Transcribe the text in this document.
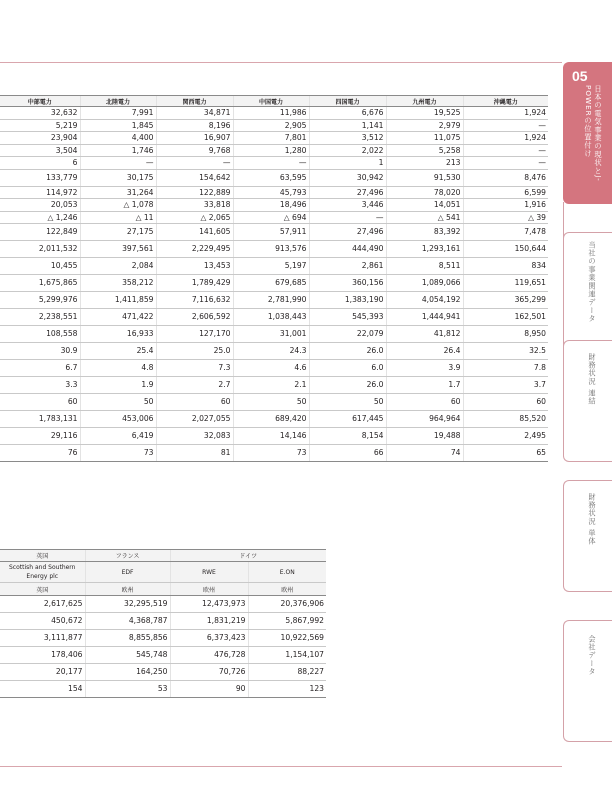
中部電力	北陸電力	関西電力	中国電力	四国電力	九州電力	沖縄電力
32,632	7,991	34,871	11,986	6,676	19,525	1,924
5,219	1,845	8,196	2,905	1,141	2,979	—
23,904	4,400	16,907	7,801	3,512	11,075	1,924
3,504	1,746	9,768	1,280	2,022	5,258	—
6	—	—	—	1	213	—
133,779	30,175	154,642	63,595	30,942	91,530	8,476
114,972	31,264	122,889	45,793	27,496	78,020	6,599
20,053	△ 1,078	33,818	18,496	3,446	14,051	1,916
△ 1,246	△ 11	△ 2,065	△ 694	—	△ 541	△ 39
122,849	27,175	141,605	57,911	27,496	83,392	7,478
2,011,532	397,561	2,229,495	913,576	444,490	1,293,161	150,644
10,455	2,084	13,453	5,197	2,861	8,511	834
1,675,865	358,212	1,789,429	679,685	360,156	1,089,066	119,651
5,299,976	1,411,859	7,116,632	2,781,990	1,383,190	4,054,192	365,299
2,238,551	471,422	2,606,592	1,038,443	545,393	1,444,941	162,501
108,558	16,933	127,170	31,001	22,079	41,812	8,950
30.9	25.4	25.0	24.3	26.0	26.4	32.5
6.7	4.8	7.3	4.6	6.0	3.9	7.8
3.3	1.9	2.7	2.1	26.0	1.7	3.7
60	50	60	50	50	60	60
1,783,131	453,006	2,027,055	689,420	617,445	964,964	85,520
29,116	6,419	32,083	14,146	8,154	19,488	2,495
76	73	81	73	66	74	65
英国	フランス	ドイツ	
Scottish and Southern Energy plc	EDF	RWE	E.ON
英国	欧州	欧州	欧州
2,617,625	32,295,519	12,473,973	20,376,906
450,672	4,368,787	1,831,219	5,867,992
3,111,877	8,855,856	6,373,423	10,922,569
178,406	545,748	476,728	1,154,107
20,177	164,250	70,726	88,227
154	53	90	123
05
日本の電気事業の現状とJ-POWERの位置付け
当社の事業関連データ
財務状況 連結
財務状況 単体
会社データ
